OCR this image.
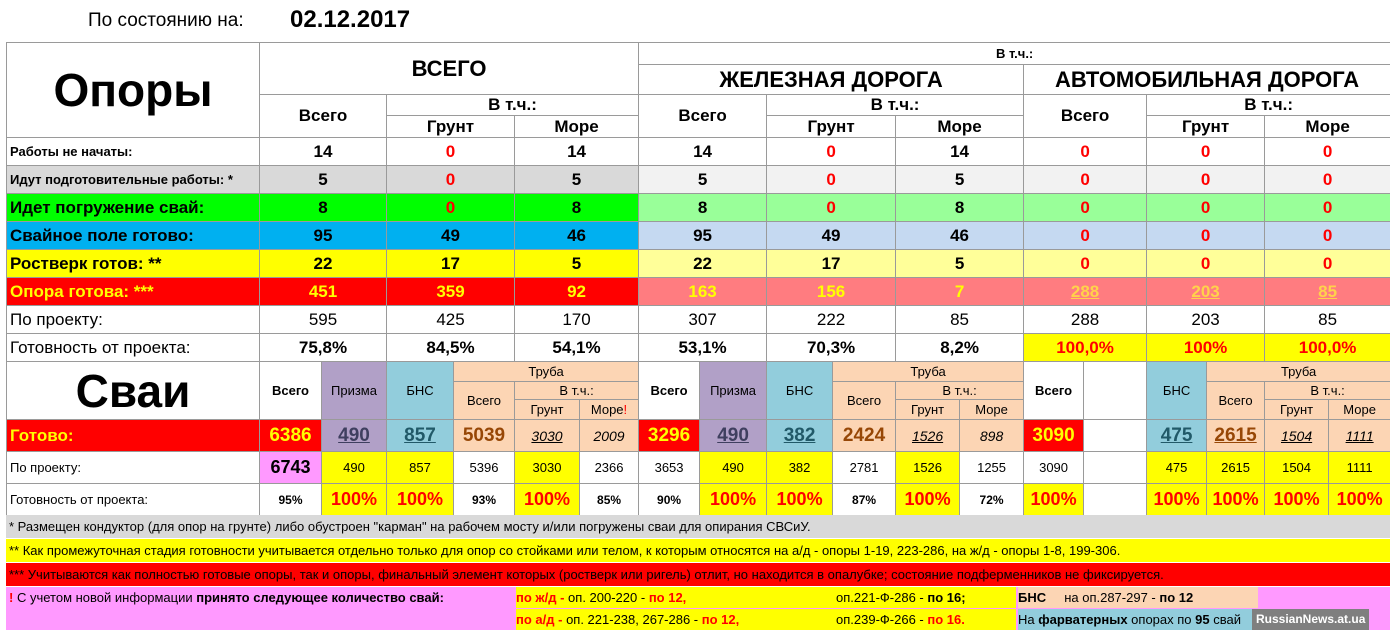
По состоянию на: 02.12.2017
Опоры	ВСЕГО						В т.ч.:											
							ЖЕЛЕЗНАЯ ДОРОГА						АВТОМОБИЛЬНАЯ ДОРОГА					
	Всего		В т.ч.:				Всего		В т.ч.:				Всего		В т.ч.:			
			Грунт		Море				Грунт		Море				Грунт		Море	
Работы не начаты:	14		0		14		14		0		14		0		0		0	
Идут подготовительные работы: *	5		0		5		5		0		5		0		0		0	
Идет погружение свай:	8		0		8		8		0		8		0		0		0	
Свайное поле готово:	95		49		46		95		49		46		0		0		0	
Ростверк готов: **	22		17		5		22		17		5		0		0		0	
Опора готова: ***	451		359		92		163		156		7		288		203		85	
По проекту:	595		425		170		307		222		85		288		203		85	
Готовность от проекта:	75,8%		84,5%		54,1%		53,1%		70,3%		8,2%		100,0%		100%		100,0%	
Сваи	Всего	Призма	БНС	Труба			Всего	Призма	БНС	Труба			Всего		БНС	Труба		
				Всего	В т.ч.:					Всего	В т.ч.:					Всего	В т.ч.:	
					Грунт	Море!					Грунт	Море					Грунт	Море
Готово:	6386	490	857	5039	3030	2009	3296	490	382	2424	1526	898	3090		475	2615	1504	1111
По проекту:	6743	490	857	5396	3030	2366	3653	490	382	2781	1526	1255	3090		475	2615	1504	1111
Готовность от проекта:	95%	100%	100%	93%	100%	85%	90%	100%	100%	87%	100%	72%	100%		100%	100%	100%	100%
* Размещен кондуктор (для опор на грунте) либо обустроен "карман" на рабочем мосту и/или погружены сваи для опирания СВСиУ.
** Как промежуточная стадия готовности учитывается отдельно только для опор со стойками или телом, к которым относятся на а/д - опоры 1-19, 223-286, на ж/д - опоры 1-8, 199-306.
*** Учитываются как полностью готовые опоры, так и опоры, финальный элемент которых (ростверк или ригель) отлит, но находится в опалубке; состояние подферменников не фиксируется.
! С учетом новой информации принято следующее количество свай:	по ж/д - оп. 200-220 - по 12,	оп.221-Ф-286 - по 16;	БНС на оп.287-297 - по 12
по а/д - оп. 221-238, 267-286 - по 12,	оп.239-Ф-266 - по 16.	На фарватерных опорах по 95 свай	RussianNews.at.ua
